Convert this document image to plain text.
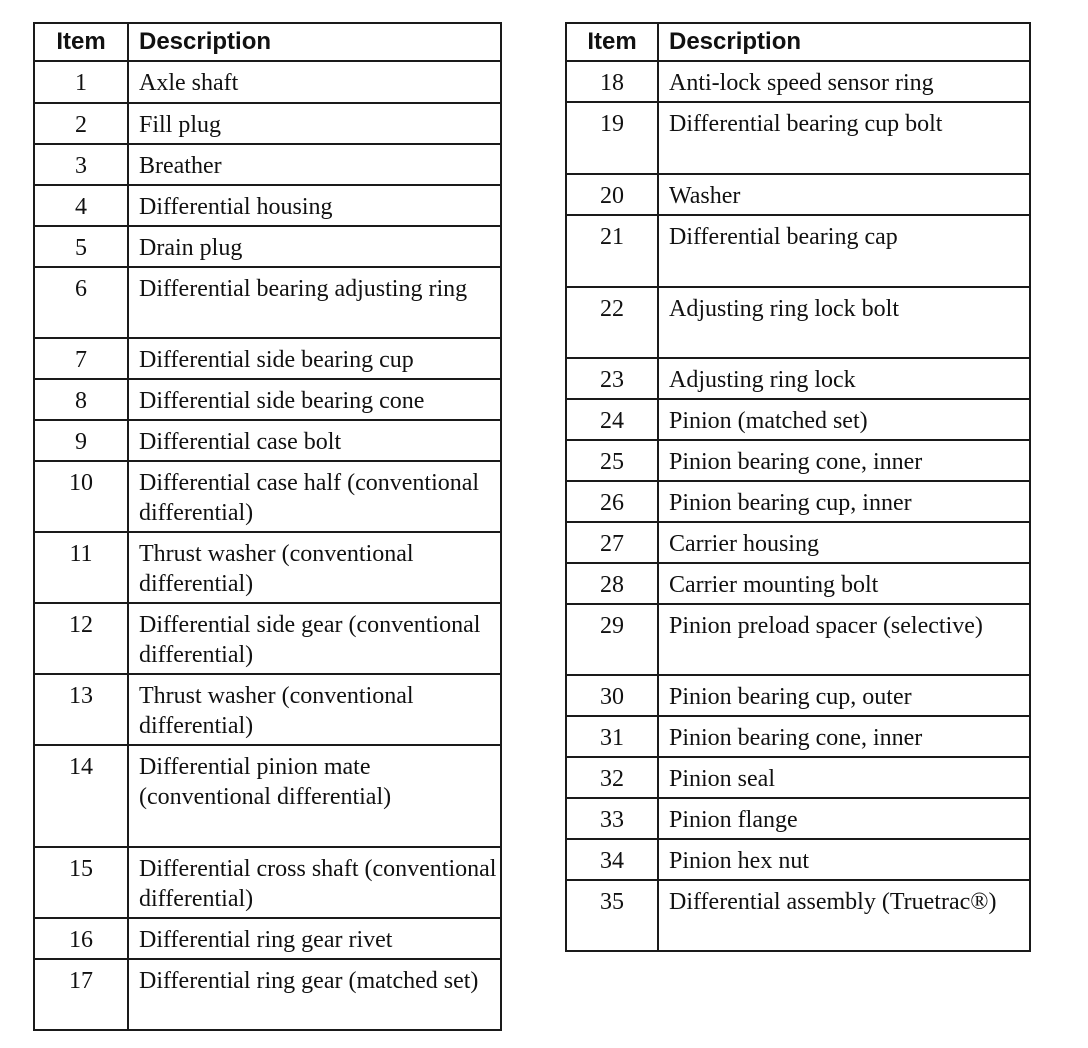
Item	Description
1	Axle shaft
2	Fill plug
3	Breather
4	Differential housing
5	Drain plug
6	Differential bearing adjusting ring
7	Differential side bearing cup
8	Differential side bearing cone
9	Differential case bolt
10	Differential case half (conventional differential)
11	Thrust washer (conventional differential)
12	Differential side gear (conventional differential)
13	Thrust washer (conventional differential)
14	Differential pinion mate (conventional differential)
15	Differential cross shaft (conventional differential)
16	Differential ring gear rivet
17	Differential ring gear (matched set)
Item	Description
18	Anti-lock speed sensor ring
19	Differential bearing cup bolt
20	Washer
21	Differential bearing cap
22	Adjusting ring lock bolt
23	Adjusting ring lock
24	Pinion (matched set)
25	Pinion bearing cone, inner
26	Pinion bearing cup, inner
27	Carrier housing
28	Carrier mounting bolt
29	Pinion preload spacer (selective)
30	Pinion bearing cup, outer
31	Pinion bearing cone, inner
32	Pinion seal
33	Pinion flange
34	Pinion hex nut
35	Differential assembly (Truetrac®)
